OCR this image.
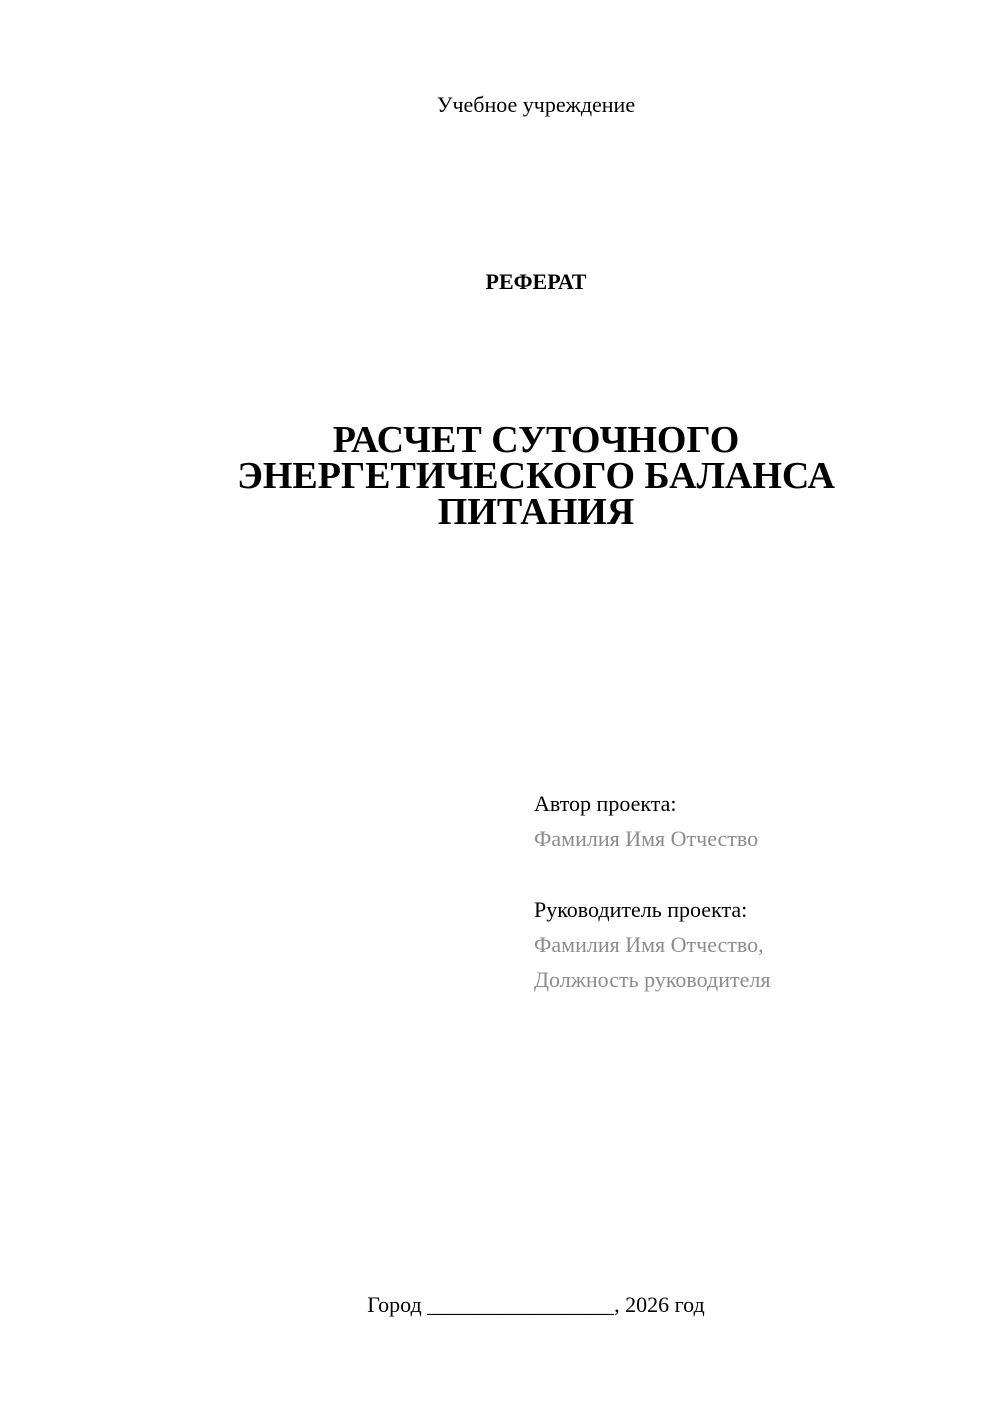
Учебное учреждение
РЕФЕРАТ
РАСЧЕТ СУТОЧНОГО
ЭНЕРГЕТИЧЕСКОГО БАЛАНСА
ПИТАНИЯ
Автор проекта:
Фамилия Имя Отчество
Руководитель проекта:
Фамилия Имя Отчество,
Должность руководителя
Город _________________, 2026 год
